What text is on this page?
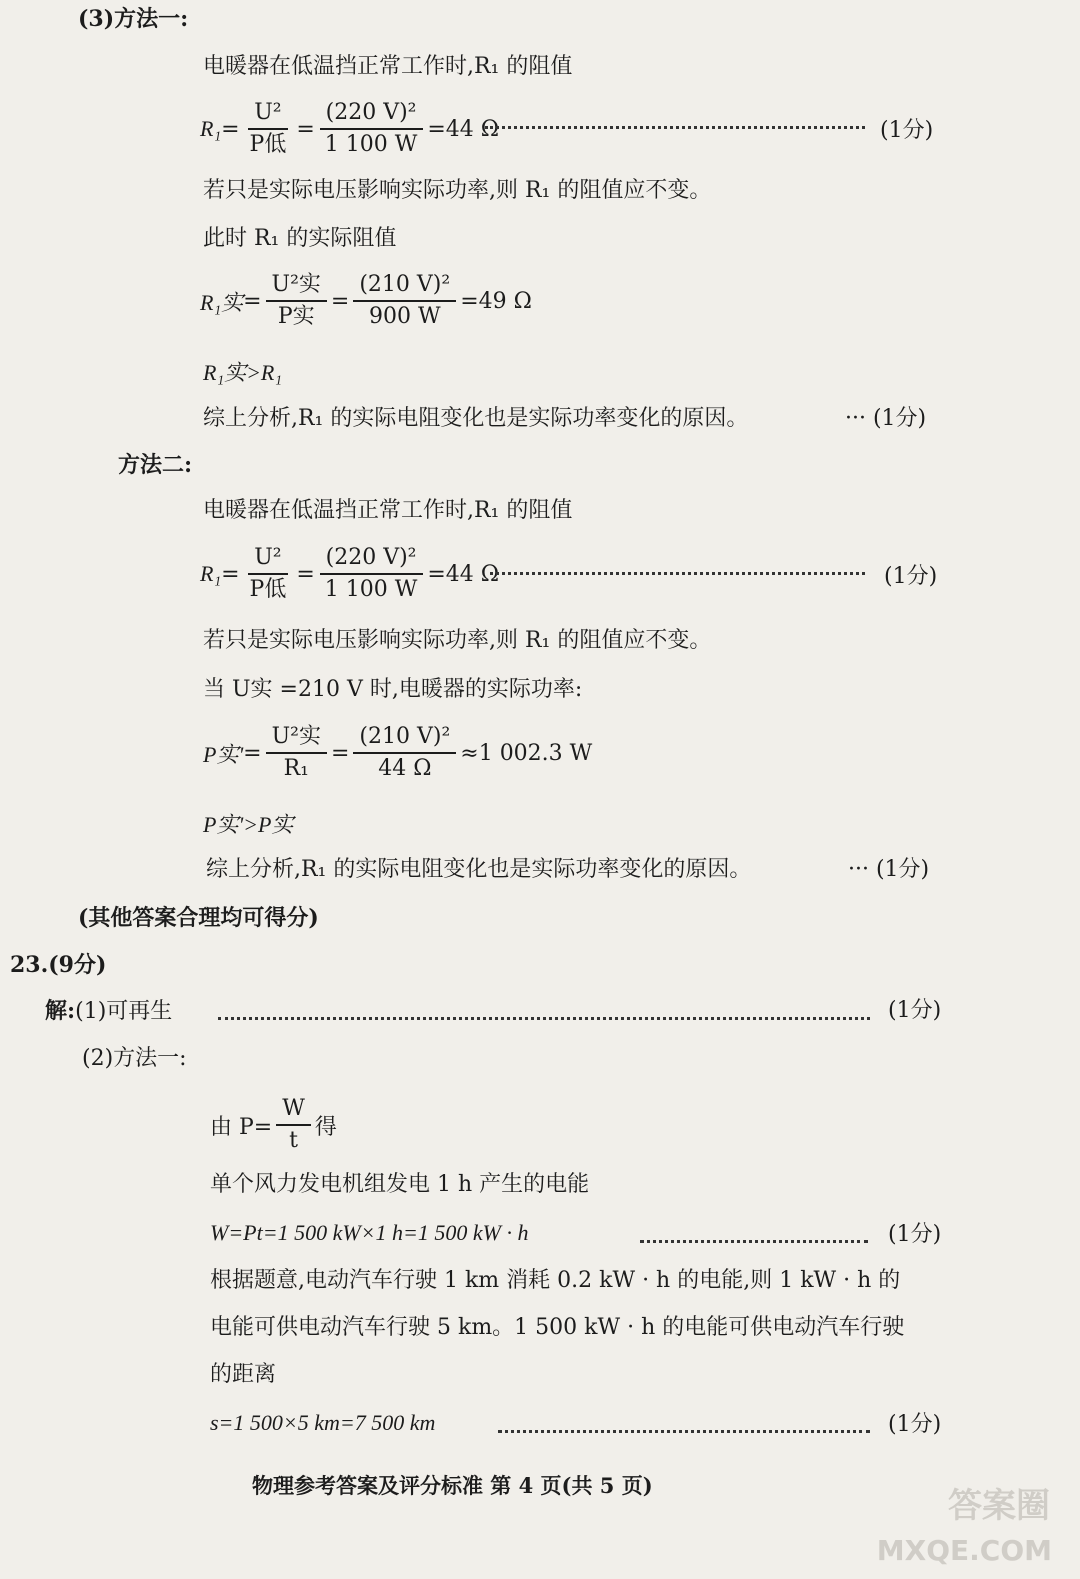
(3)方法一:
电暖器在低温挡正常工作时,R₁ 的阻值
$R_1 = \frac{\text{U²}}{\text{P低}} = \frac{\text{(220 V)²}}{1 100 W} =44$ Ω	(1分)
若只是实际电压影响实际功率,则 R₁ 的阻值应不变。
此时 R₁ 的实际阻值
R₁实 = $\frac{\text{U²实}}{\text{P实}} = \frac{\text{(210 V)²}}{900 W} =49$ Ω
R₁实>R₁
综上分析,R₁ 的实际电阻变化也是实际功率变化的原因。	··· (1分)
方法二:
电暖器在低温挡正常工作时,R₁ 的阻值
$R_1 = \frac{\text{U²}}{\text{P低}} = \frac{\text{(220 V)²}}{1 100 W} =44$ Ω	(1分)
若只是实际电压影响实际功率,则 R₁ 的阻值应不变。
当 U实 =210 V 时,电暖器的实际功率:
P实' = $\frac{\text{U²实}}{\text{R₁}} = \frac{\text{(210 V)²}}{44 \Omega} \approx 1$ 002.3 W
P实'>P实
综上分析,R₁ 的实际电阻变化也是实际功率变化的原因。	··· (1分)
(其他答案合理均可得分)
23.(9分)
解:(1)可再生	(1分)
(2)方法一:
由 $P= \frac{W}{t}$ 得
单个风力发电机组发电 1 h 产生的电能
W=Pt=1 500 kW×1 h=1 500 kW · h	(1分)
根据题意,电动汽车行驶 1 km 消耗 0.2 kW · h 的电能,则 1 kW · h 的
电能可供电动汽车行驶 5 km。1 500 kW · h 的电能可供电动汽车行驶
的距离
s=1 500×5 km=7 500 km	(1分)
物理参考答案及评分标准 第 4 页(共 5 页)
答案圈
MXQE.COM
